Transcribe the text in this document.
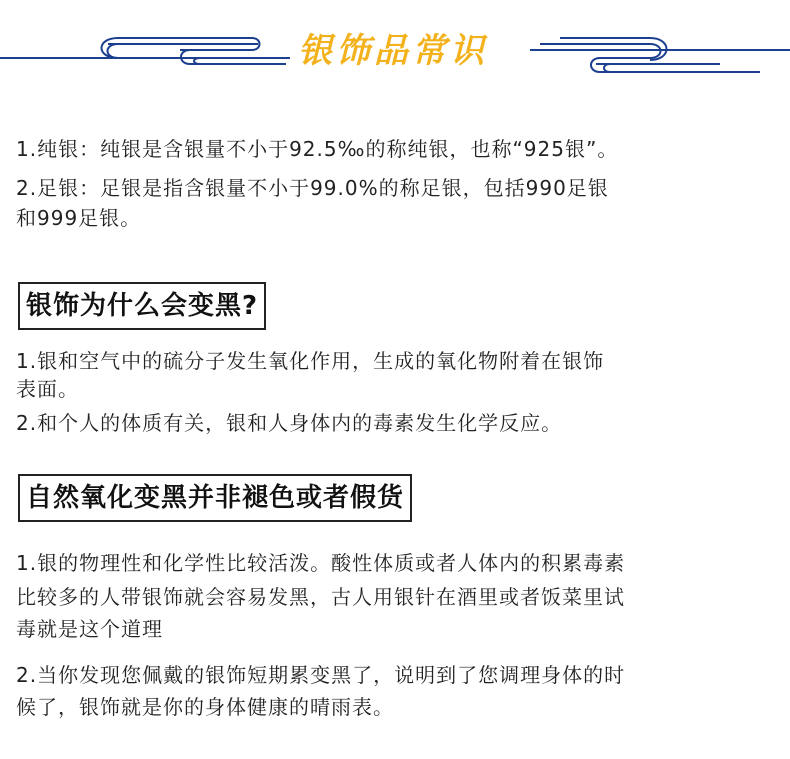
银饰品常识

1.纯银：纯银是含银量不小于92.5‰的称纯银，也称“925银”。

2.足银：足银是指含银量不小于99.0%的称足银，包括990足银

和999足银。

银饰为什么会变黑?

1.银和空气中的硫分子发生氧化作用，生成的氧化物附着在银饰

表面。

2.和个人的体质有关，银和人身体内的毒素发生化学反应。

自然氧化变黑并非褪色或者假货

1.银的物理性和化学性比较活泼。酸性体质或者人体内的积累毒素

比较多的人带银饰就会容易发黑，古人用银针在酒里或者饭菜里试

毒就是这个道理

2.当你发现您佩戴的银饰短期累变黑了，说明到了您调理身体的时

候了，银饰就是你的身体健康的晴雨表。
